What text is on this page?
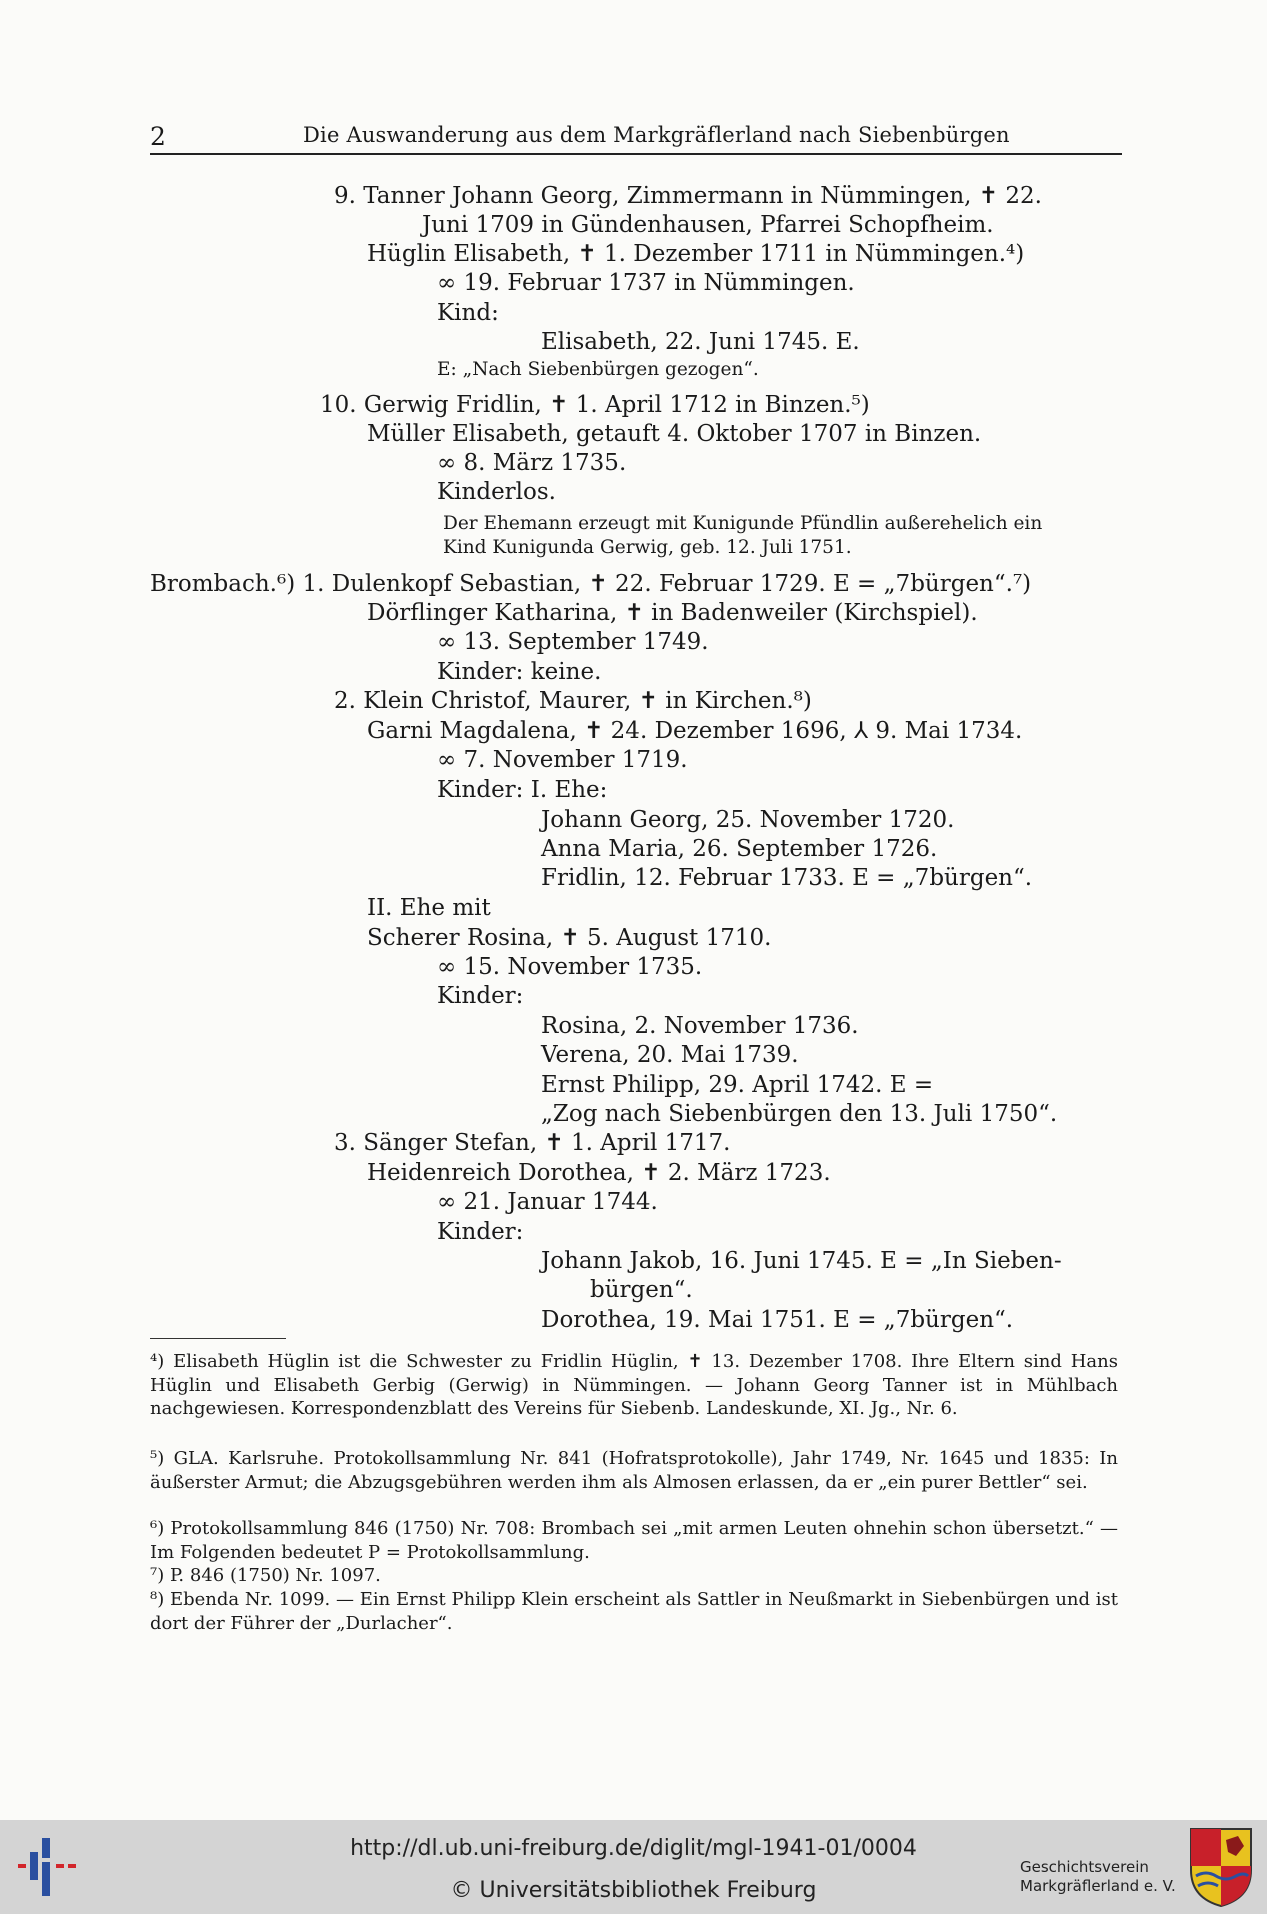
2	Die Auswanderung aus dem Markgräflerland nach Siebenbürgen
9. Tanner Johann Georg, Zimmermann in Nümmingen, ✝ 22.
Juni 1709 in Gündenhausen, Pfarrei Schopfheim.
Hüglin Elisabeth, ✝ 1. Dezember 1711 in Nümmingen.⁴)
∞ 19. Februar 1737 in Nümmingen.
Kind:
Elisabeth, 22. Juni 1745. E.
E: „Nach Siebenbürgen gezogen“.
10. Gerwig Fridlin, ✝ 1. April 1712 in Binzen.⁵)
Müller Elisabeth, getauft 4. Oktober 1707 in Binzen.
∞ 8. März 1735.
Kinderlos.
Der Ehemann erzeugt mit Kunigunde Pfündlin außerehelich ein
Kind Kunigunda Gerwig, geb. 12. Juli 1751.
Brombach.⁶) 1. Dulenkopf Sebastian, ✝ 22. Februar 1729. E = „7bürgen“.⁷)
Dörflinger Katharina, ✝ in Badenweiler (Kirchspiel).
∞ 13. September 1749.
Kinder: keine.
2. Klein Christof, Maurer, ✝ in Kirchen.⁸)
Garni Magdalena, ✝ 24. Dezember 1696, ⅄ 9. Mai 1734.
∞ 7. November 1719.
Kinder: I. Ehe:
Johann Georg, 25. November 1720.
Anna Maria, 26. September 1726.
Fridlin, 12. Februar 1733. E = „7bürgen“.
II. Ehe mit
Scherer Rosina, ✝ 5. August 1710.
∞ 15. November 1735.
Kinder:
Rosina, 2. November 1736.
Verena, 20. Mai 1739.
Ernst Philipp, 29. April 1742. E =
„Zog nach Siebenbürgen den 13. Juli 1750“.
3. Sänger Stefan, ✝ 1. April 1717.
Heidenreich Dorothea, ✝ 2. März 1723.
∞ 21. Januar 1744.
Kinder:
Johann Jakob, 16. Juni 1745. E = „In Sieben-
bürgen“.
Dorothea, 19. Mai 1751. E = „7bürgen“.
⁴) Elisabeth Hüglin ist die Schwester zu Fridlin Hüglin, ✝ 13. Dezember 1708. Ihre Eltern sind Hans Hüglin und Elisabeth Gerbig (Gerwig) in Nümmingen. — Johann Georg Tanner ist in Mühlbach nachgewiesen. Korrespondenzblatt des Vereins für Siebenb. Landeskunde, XI. Jg., Nr. 6.
⁵) GLA. Karlsruhe. Protokollsammlung Nr. 841 (Hofratsprotokolle), Jahr 1749, Nr. 1645 und 1835: In äußerster Armut; die Abzugsgebühren werden ihm als Almosen erlassen, da er „ein purer Bettler“ sei.
⁶) Protokollsammlung 846 (1750) Nr. 708: Brombach sei „mit armen Leuten ohnehin schon übersetzt.“ — Im Folgenden bedeutet P = Protokollsammlung.
⁷) P. 846 (1750) Nr. 1097.
⁸) Ebenda Nr. 1099. — Ein Ernst Philipp Klein erscheint als Sattler in Neußmarkt in Siebenbürgen und ist dort der Führer der „Durlacher“.
http://dl.ub.uni-freiburg.de/diglit/mgl-1941-01/0004
© Universitätsbibliothek Freiburg
Geschichtsverein
Markgräflerland e. V.
